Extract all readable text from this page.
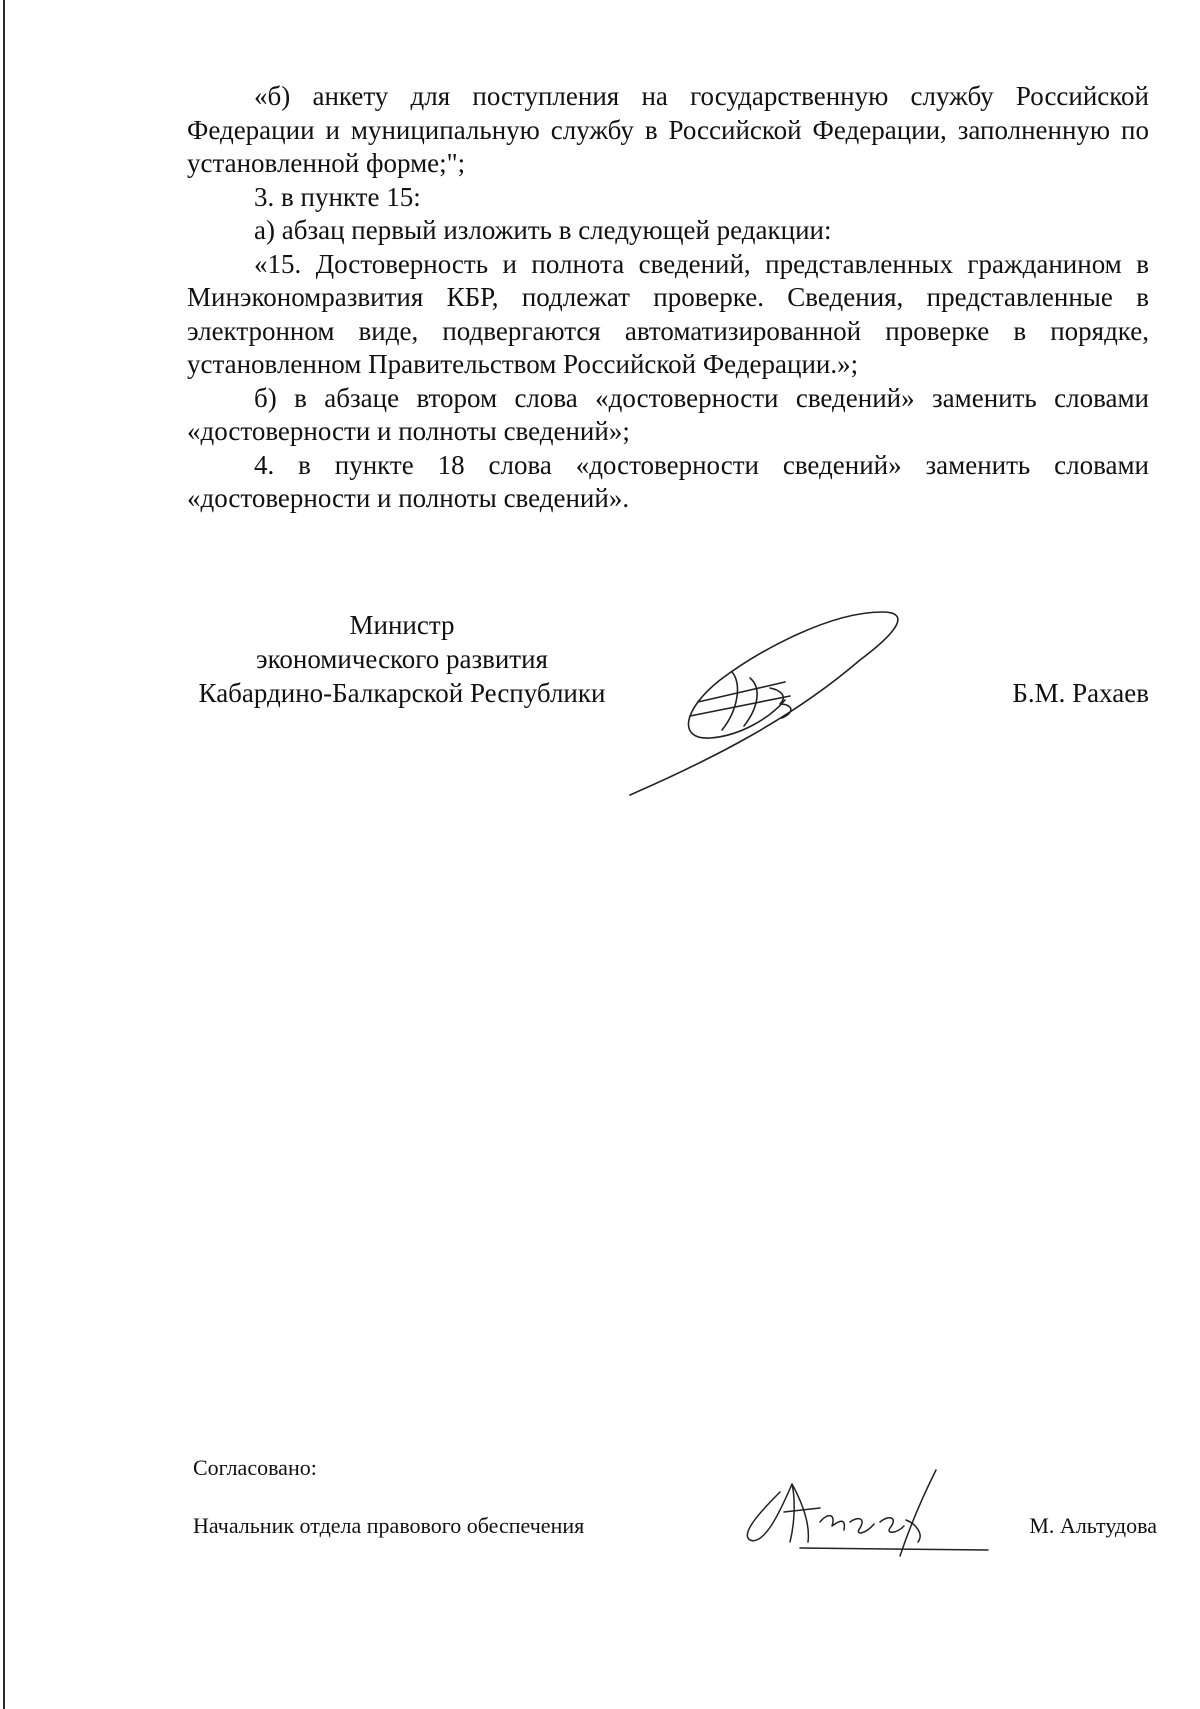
«б) анкету для поступления на государственную службу Российской Федерации и муниципальную службу в Российской Федерации, заполненную по установленной форме;";

3. в пункте 15:

а) абзац первый изложить в следующей редакции:

«15. Достоверность и полнота сведений, представленных гражданином в Минэкономразвития КБР, подлежат проверке. Сведения, представленные в электронном виде, подвергаются автоматизированной проверке в порядке, установленном Правительством Российской Федерации.»;

б) в абзаце втором слова «достоверности сведений» заменить словами «достоверности и полноты сведений»;

4. в пункте 18 слова «достоверности сведений» заменить словами «достоверности и полноты сведений».

Министр
экономического развития
Кабардино-Балкарской Республики	Б.М. Рахаев
Согласовано:
Начальник отдела правового обеспечения	М. Альтудова
